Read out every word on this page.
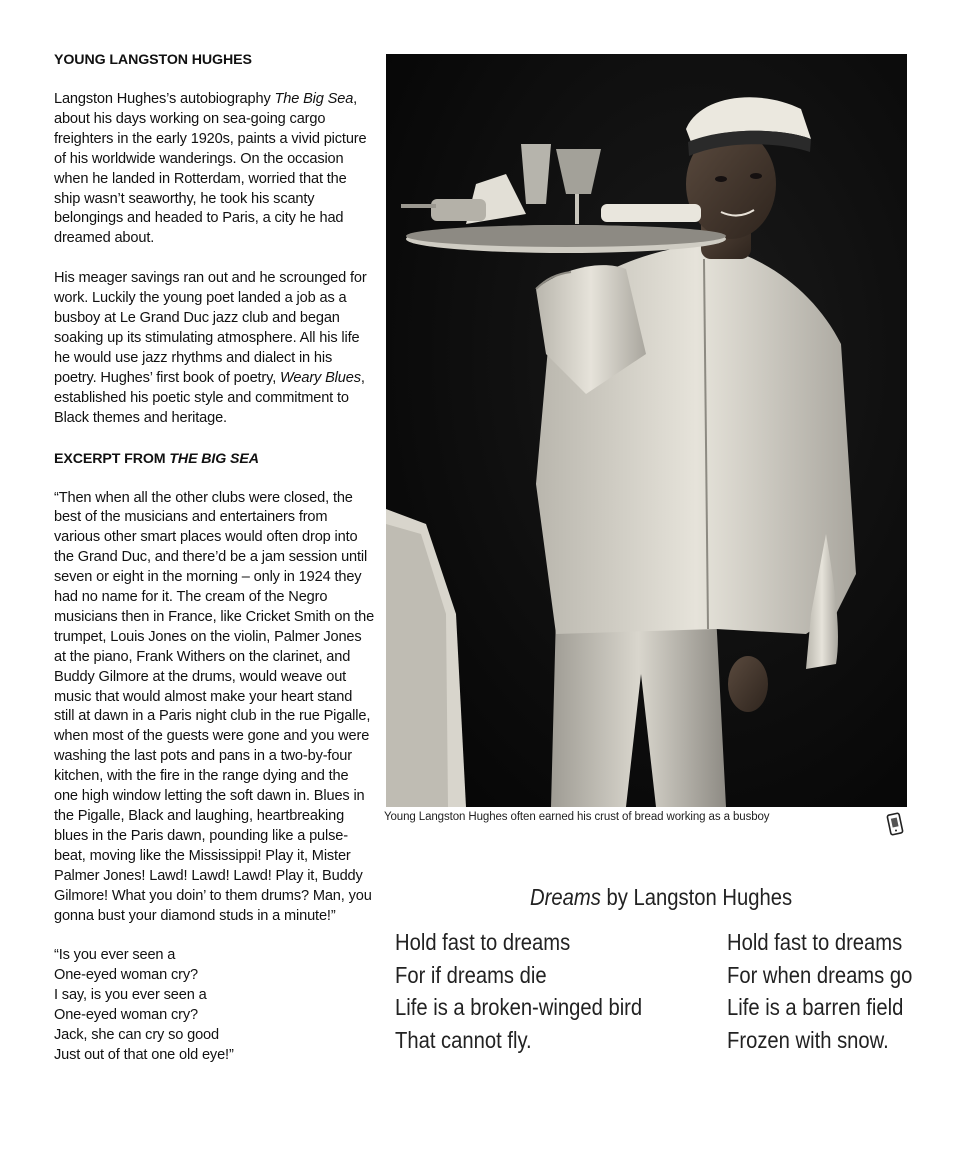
YOUNG LANGSTON HUGHES

Langston Hughes’s autobiography The Big Sea, about his days working on sea-going cargo freighters in the early 1920s, paints a vivid picture of his worldwide wanderings. On the occasion when he landed in Rotterdam, worried that the ship wasn’t seaworthy, he took his scanty belongings and headed to Paris, a city he had dreamed about.

His meager savings ran out and he scrounged for work. Luckily the young poet landed a job as a busboy at Le Grand Duc jazz club and began soaking up its stimulating atmosphere. All his life he would use jazz rhythms and dialect in his poetry. Hughes’ first book of poetry, Weary Blues, established his poetic style and commitment to Black themes and heritage.

EXCERPT FROM THE BIG SEA

“Then when all the other clubs were closed, the best of the musicians and entertainers from various other smart places would often drop into the Grand Duc, and there’d be a jam session until seven or eight in the morning – only in 1924 they had no name for it. The cream of the Negro musicians then in France, like Cricket Smith on the trumpet, Louis Jones on the violin, Palmer Jones at the piano, Frank Withers on the clarinet, and Buddy Gilmore at the drums, would weave out music that would almost make your heart stand still at dawn in a Paris night club in the rue Pigalle, when most of the guests were gone and you were washing the last pots and pans in a two-by-four kitchen, with the fire in the range dying and the one high window letting the soft dawn in. Blues in the Pigalle, Black and laughing, heartbreaking blues in the Paris dawn, pounding like a pulse-beat, moving like the Mississippi! Play it, Mister Palmer Jones! Lawd! Lawd! Lawd! Play it, Buddy Gilmore! What you doin’ to them drums? Man, you gonna bust your diamond studs in a minute!”

“Is you ever seen a
One-eyed woman cry?
I say, is you ever seen a
One-eyed woman cry?
Jack, she can cry so good
Just out of that one old eye!”
Young Langston Hughes often earned his crust of bread working as a busboy
Dreams by Langston Hughes
Hold fast to dreams
For if dreams die
Life is a broken-winged bird
That cannot fly.
Hold fast to dreams
For when dreams go
Life is a barren field
Frozen with snow.
